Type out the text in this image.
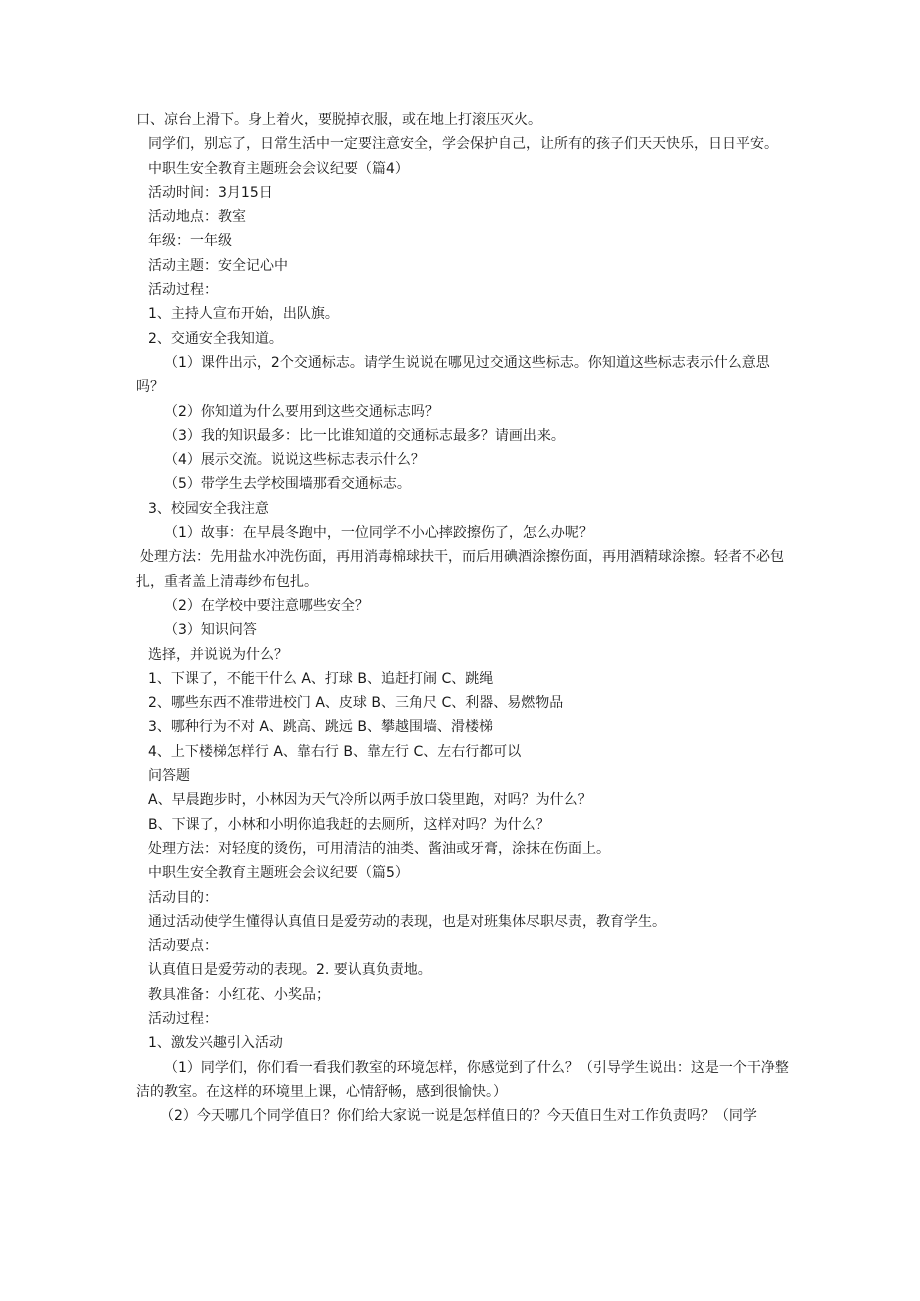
口、凉台上滑下。身上着火，要脱掉衣服，或在地上打滚压灭火。
同学们，别忘了，日常生活中一定要注意安全，学会保护自己，让所有的孩子们天天快乐，日日平安。
中职生安全教育主题班会会议纪要（篇4）
活动时间：3月15日
活动地点：教室
年级：一年级
活动主题：安全记心中
活动过程：
1、主持人宣布开始，出队旗。
2、交通安全我知道。
（1）课件出示，2个交通标志。请学生说说在哪见过交通这些标志。你知道这些标志表示什么意思吗？
（2）你知道为什么要用到这些交通标志吗？
（3）我的知识最多：比一比谁知道的交通标志最多？请画出来。
（4）展示交流。说说这些标志表示什么？
（5）带学生去学校围墙那看交通标志。
3、校园安全我注意
（1）故事：在早晨冬跑中，一位同学不小心摔跤擦伤了，怎么办呢？
处理方法：先用盐水冲洗伤面，再用消毒棉球扶干，而后用碘酒涂擦伤面，再用酒精球涂擦。轻者不必包扎，重者盖上清毒纱布包扎。
（2）在学校中要注意哪些安全？
（3）知识问答
选择，并说说为什么？
1、下课了，不能干什么 A、打球 B、追赶打闹 C、跳绳
2、哪些东西不准带进校门 A、皮球 B、三角尺 C、利器、易燃物品
3、哪种行为不对 A、跳高、跳远 B、攀越围墙、滑楼梯
4、上下楼梯怎样行 A、靠右行 B、靠左行 C、左右行都可以
问答题
A、早晨跑步时，小林因为天气冷所以两手放口袋里跑，对吗？为什么？
B、下课了，小林和小明你追我赶的去厕所，这样对吗？为什么？
处理方法：对轻度的烫伤，可用清洁的油类、酱油或牙膏，涂抹在伤面上。
中职生安全教育主题班会会议纪要（篇5）
活动目的：
通过活动使学生懂得认真值日是爱劳动的表现，也是对班集体尽职尽责，教育学生。
活动要点：
认真值日是爱劳动的表现。2. 要认真负责地。
教具准备：小红花、小奖品；
活动过程：
1、激发兴趣引入活动
（1）同学们，你们看一看我们教室的环境怎样，你感觉到了什么？（引导学生说出：这是一个干净整洁的教室。在这样的环境里上课，心情舒畅，感到很愉快。）
（2）今天哪几个同学值日？你们给大家说一说是怎样值日的？今天值日生对工作负责吗？（同学
